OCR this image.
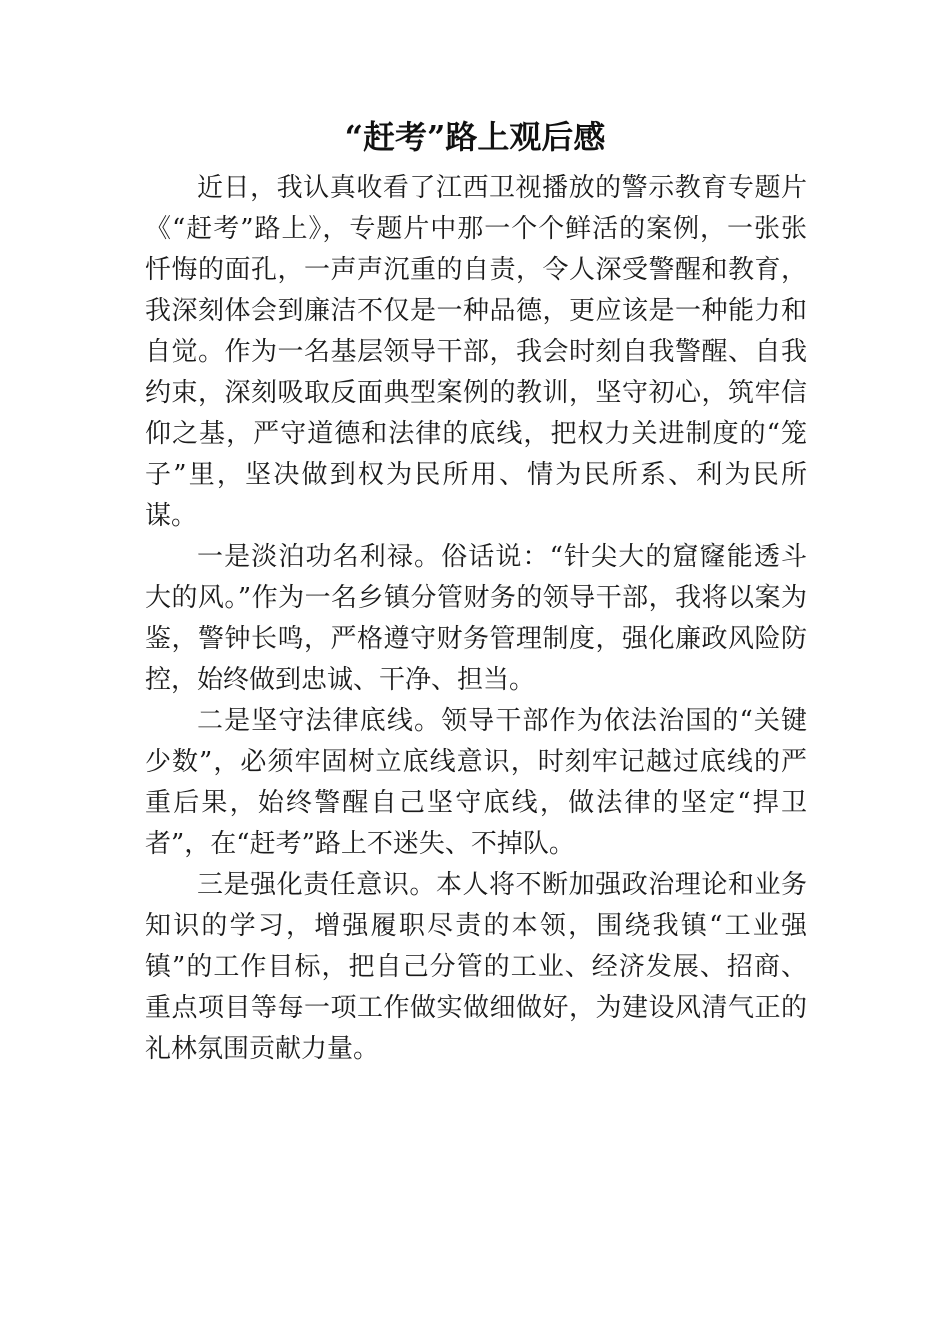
“赶考”路上观后感

近日，我认真收看了江西卫视播放的警示教育专题片《“赶考”路上》，专题片中那一个个鲜活的案例，一张张忏悔的面孔，一声声沉重的自责，令人深受警醒和教育，我深刻体会到廉洁不仅是一种品德，更应该是一种能力和自觉。作为一名基层领导干部，我会时刻自我警醒、自我约束，深刻吸取反面典型案例的教训，坚守初心，筑牢信仰之基，严守道德和法律的底线，把权力关进制度的“笼子”里，坚决做到权为民所用、情为民所系、利为民所谋。

一是淡泊功名利禄。俗话说：“针尖大的窟窿能透斗大的风。”作为一名乡镇分管财务的领导干部，我将以案为鉴，警钟长鸣，严格遵守财务管理制度，强化廉政风险防控，始终做到忠诚、干净、担当。

二是坚守法律底线。领导干部作为依法治国的“关键少数”，必须牢固树立底线意识，时刻牢记越过底线的严重后果，始终警醒自己坚守底线，做法律的坚定“捍卫者”，在“赶考”路上不迷失、不掉队。

三是强化责任意识。本人将不断加强政治理论和业务知识的学习，增强履职尽责的本领，围绕我镇“工业强镇”的工作目标，把自己分管的工业、经济发展、招商、重点项目等每一项工作做实做细做好，为建设风清气正的礼林氛围贡献力量。
